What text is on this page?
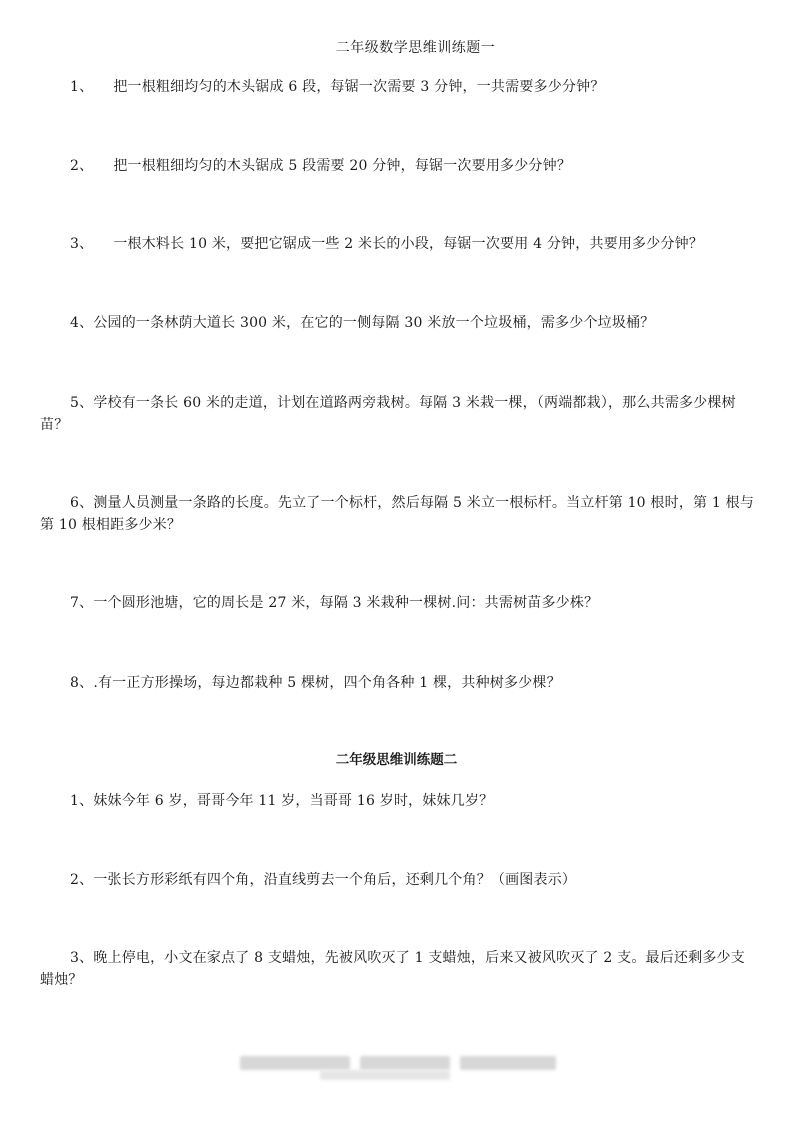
二年级数学思维训练题一
1、 把一根粗细均匀的木头锯成 6 段，每锯一次需要 3 分钟，一共需要多少分钟？
2、 把一根粗细均匀的木头锯成 5 段需要 20 分钟，每锯一次要用多少分钟？
3、 一根木料长 10 米，要把它锯成一些 2 米长的小段，每锯一次要用 4 分钟，共要用多少分钟？
4、公园的一条林荫大道长 300 米，在它的一侧每隔 30 米放一个垃圾桶，需多少个垃圾桶？
5、学校有一条长 60 米的走道，计划在道路两旁栽树。每隔 3 米栽一棵，（两端都栽），那么共需多少棵树苗？
6、测量人员测量一条路的长度。先立了一个标杆，然后每隔 5 米立一根标杆。当立杆第 10 根时，第 1 根与第 10 根相距多少米？
7、一个圆形池塘，它的周长是 27 米，每隔 3 米栽种一棵树.问：共需树苗多少株？
8、.有一正方形操场，每边都栽种 5 棵树，四个角各种 1 棵，共种树多少棵？
二年级思维训练题二
1、妹妹今年 6 岁，哥哥今年 11 岁，当哥哥 16 岁时，妹妹几岁？
2、一张长方形彩纸有四个角，沿直线剪去一个角后，还剩几个角？（画图表示）
3、晚上停电，小文在家点了 8 支蜡烛，先被风吹灭了 1 支蜡烛，后来又被风吹灭了 2 支。最后还剩多少支蜡烛？
